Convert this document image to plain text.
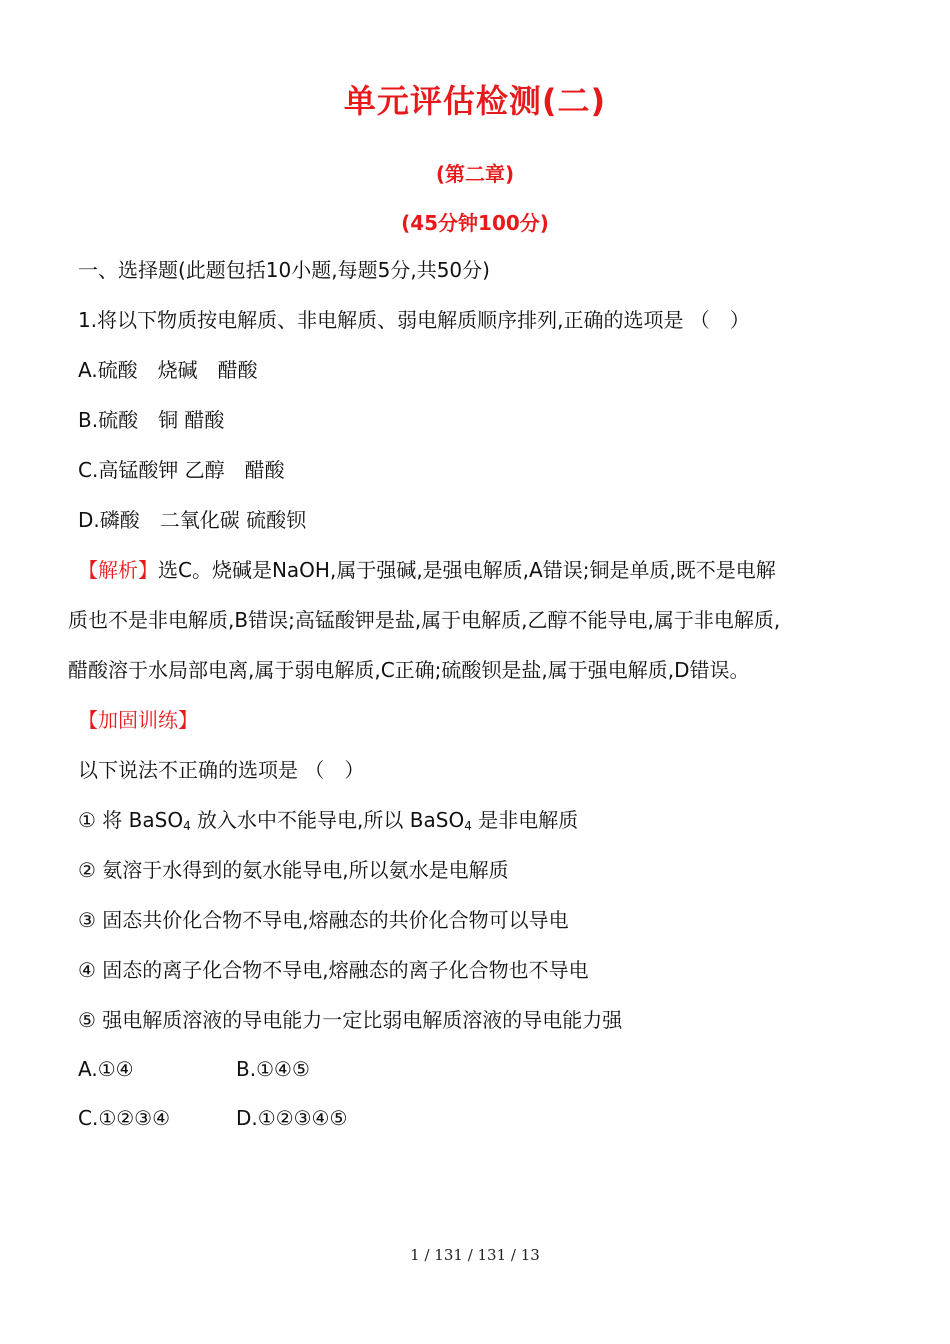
单元评估检测(二)
(第二章)
(45分钟100分)
一、选择题(此题包括10小题,每题5分,共50分)
1.将以下物质按电解质、非电解质、弱电解质顺序排列,正确的选项是 （　）
A.硫酸　烧碱　醋酸
B.硫酸　铜 醋酸
C.高锰酸钾 乙醇　醋酸
D.磷酸　二氧化碳 硫酸钡
【解析】选C。烧碱是NaOH,属于强碱,是强电解质,A错误;铜是单质,既不是电解
质也不是非电解质,B错误;高锰酸钾是盐,属于电解质,乙醇不能导电,属于非电解质,
醋酸溶于水局部电离,属于弱电解质,C正确;硫酸钡是盐,属于强电解质,D错误。
【加固训练】
以下说法不正确的选项是 （　）
① 将 BaSO$_4$ 放入水中不能导电,所以 BaSO$_4$ 是非电解质
② 氨溶于水得到的氨水能导电,所以氨水是电解质
③ 固态共价化合物不导电,熔融态的共价化合物可以导电
④ 固态的离子化合物不导电,熔融态的离子化合物也不导电
⑤ 强电解质溶液的导电能力一定比弱电解质溶液的导电能力强
A.①④	B.①④⑤
C.①②③④	D.①②③④⑤
1 / 131 / 131 / 13
